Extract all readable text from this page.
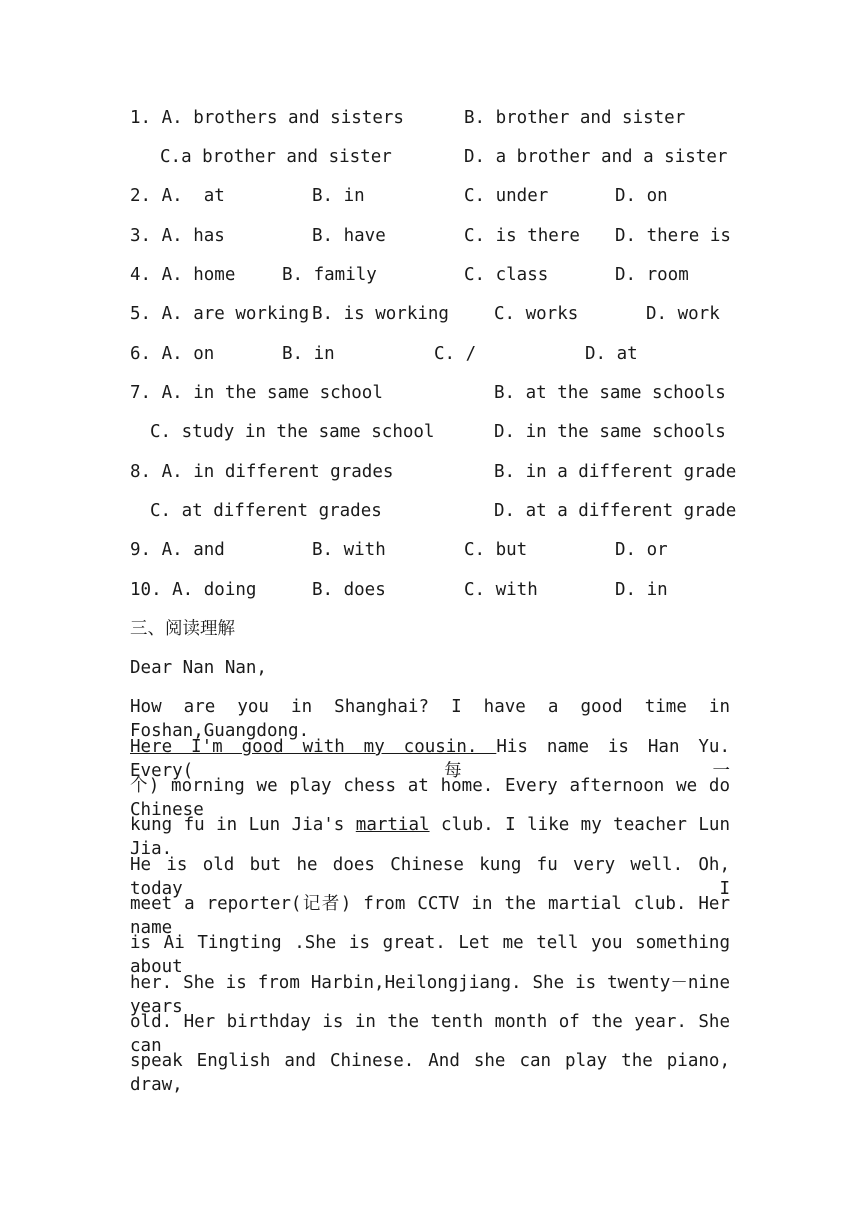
1. A. brothers and sisters	B. brother and sister
C.a brother and sister	D. a brother and a sister
2. A.  at	B. in	C. under	D. on
3. A. has	B. have	C. is there D. there is
4. A. home	B. family	C. class	D. room
5. A. are working B. is working	C. works	D. work
6. A. on	B. in	C. /	D. at
7. A. in the same school	B. at the same schools
C. study in the same school	D. in the same schools
8. A. in different grades	B. in a different grade
C. at different grades	D. at a different grade
9. A. and	B. with	C. but	D. or
10. A. doing	B. does	C. with	D. in
三、阅读理解
Dear Nan Nan,
How are you in Shanghai? I have a good time in Foshan,Guangdong.
Here I'm good with my cousin. His name is Han Yu. Every(每一
个) morning we play chess at home. Every afternoon we do Chinese
kung fu in Lun Jia's martial club. I like my teacher Lun Jia.
He is old but he does Chinese kung fu very well. Oh, today I
meet a reporter(记者) from CCTV in the martial club. Her name
is Ai Tingting .She is great. Let me tell you something about
her. She is from Harbin,Heilongjiang. She is twenty－nine years
old. Her birthday is in the tenth month of the year. She can
speak English and Chinese. And she can play the piano, draw,
